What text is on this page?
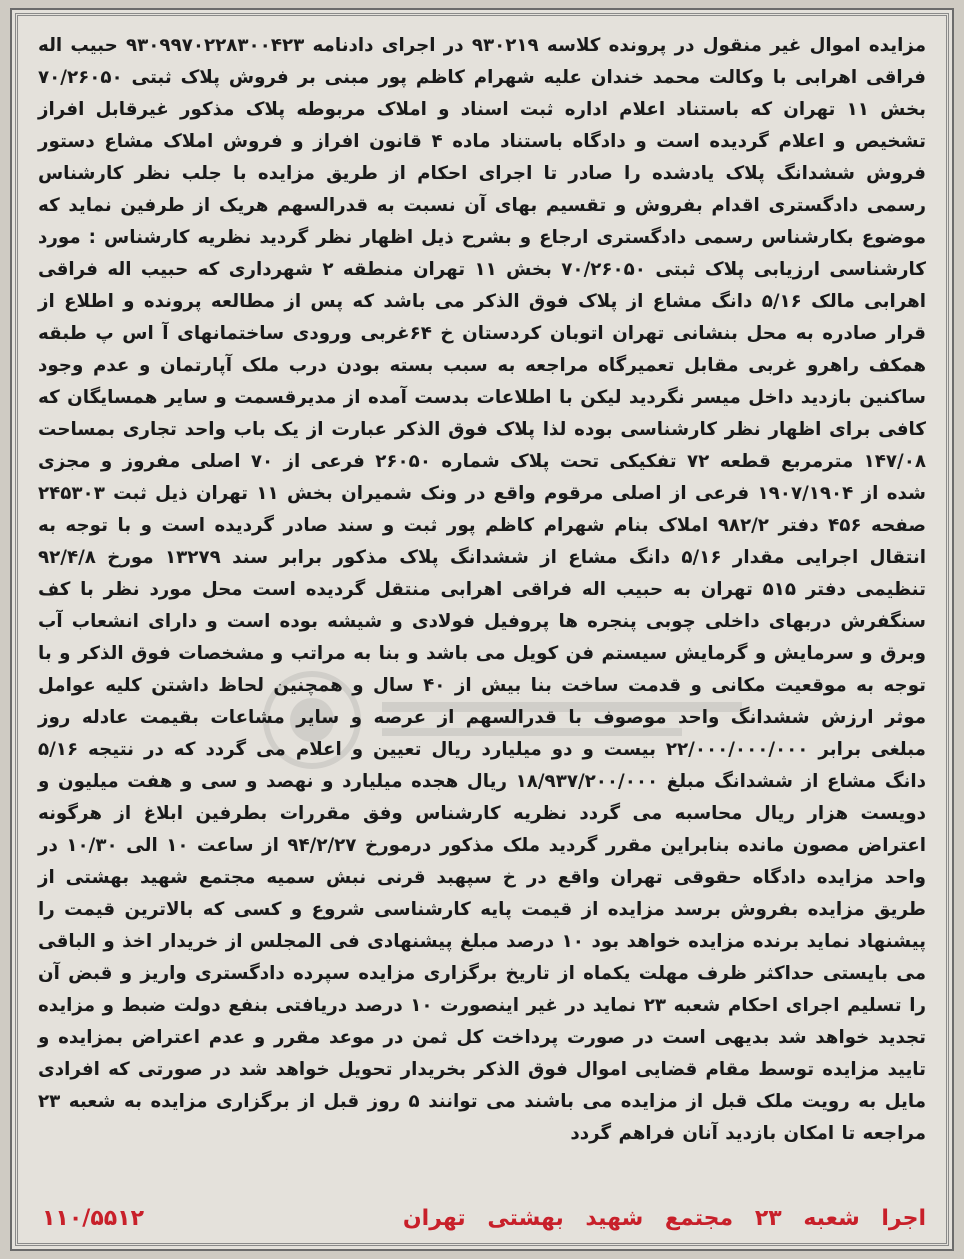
مزایده اموال غیر منقول در پرونده کلاسه ۹۳۰۲۱۹ در اجرای دادنامه ۹۳۰۹۹۷۰۲۲۸۳۰۰۴۲۳ حبیب اله فراقی اهرابی با وکالت محمد خندان علیه شهرام کاظم پور مبنی بر فروش پلاک ثبتی ۷۰/۲۶۰۵۰ بخش ۱۱ تهران که باستناد اعلام اداره ثبت اسناد و املاک مربوطه پلاک مذکور غیرقابل افراز تشخیص و اعلام گردیده است و دادگاه باستناد ماده ۴ قانون افراز و فروش املاک مشاع دستور فروش ششدانگ پلاک یادشده را صادر تا اجرای احکام از طریق مزایده با جلب نظر کارشناس رسمی دادگستری اقدام بفروش و تقسیم بهای آن نسبت به قدرالسهم هریک از طرفین نماید که موضوع بکارشناس رسمی دادگستری ارجاع و بشرح ذیل اظهار نظر گردید نظریه کارشناس : مورد کارشناسی ارزیابی پلاک ثبتی ۷۰/۲۶۰۵۰ بخش ۱۱ تهران منطقه ۲ شهرداری که حبیب اله فراقی اهرابی مالک ۵/۱۶ دانگ مشاع از پلاک فوق الذکر می باشد که پس از مطالعه پرونده و اطلاع از قرار صادره به محل بنشانی تهران اتوبان کردستان خ ۶۴غربی ورودی ساختمانهای آ اس پ طبقه همکف راهرو غربی مقابل تعمیرگاه مراجعه به سبب بسته بودن درب ملک آپارتمان و عدم وجود ساکنین بازدید داخل میسر نگردید لیکن با اطلاعات بدست آمده از مدیرقسمت و سایر همسایگان که کافی برای اظهار نظر کارشناسی بوده لذا پلاک فوق الذکر عبارت از یک باب واحد تجاری بمساحت ۱۴۷/۰۸ مترمربع قطعه ۷۲ تفکیکی تحت پلاک شماره ۲۶۰۵۰ فرعی از ۷۰ اصلی مفروز و مجزی شده از ۱۹۰۷/۱۹۰۴ فرعی از اصلی مرقوم واقع در ونک شمیران بخش ۱۱ تهران ذیل ثبت ۲۴۵۳۰۳ صفحه ۴۵۶ دفتر ۹۸۲/۲ املاک بنام شهرام کاظم پور ثبت و سند صادر گردیده است و با توجه به انتقال اجرایی مقدار ۵/۱۶ دانگ مشاع از ششدانگ پلاک مذکور برابر سند ۱۳۲۷۹ مورخ ۹۲/۴/۸ تنظیمی دفتر ۵۱۵ تهران به حبیب اله فراقی اهرابی منتقل گردیده است محل مورد نظر با کف سنگفرش دربهای داخلی چوبی پنجره ها پروفیل فولادی و شیشه بوده است و دارای انشعاب آب وبرق و سرمایش و گرمایش سیستم فن کویل می باشد و بنا به مراتب و مشخصات فوق الذکر و با توجه به موقعیت مکانی و قدمت ساخت بنا بیش از ۴۰ سال و همچنین لحاظ داشتن کلیه عوامل موثر ارزش ششدانگ واحد موصوف با قدرالسهم از عرصه و سایر مشاعات بقیمت عادله روز مبلغی برابر ۲۲/۰۰۰/۰۰۰/۰۰۰ بیست و دو میلیارد ریال تعیین و اعلام می گردد که در نتیجه ۵/۱۶ دانگ مشاع از ششدانگ مبلغ ۱۸/۹۳۷/۲۰۰/۰۰۰ ریال هجده میلیارد و نهصد و سی و هفت میلیون و دویست هزار ریال محاسبه می گردد نظریه کارشناس وفق مقررات بطرفین ابلاغ از هرگونه اعتراض مصون مانده بنابراین مقرر گردید ملک مذکور درمورخ ۹۴/۲/۲۷ از ساعت ۱۰ الی ۱۰/۳۰ در واحد مزایده دادگاه حقوقی تهران واقع در خ سپهبد قرنی نبش سمیه مجتمع شهید بهشتی از طریق مزایده بفروش برسد مزایده از قیمت پایه کارشناسی شروع و کسی که بالاترین قیمت را پیشنهاد نماید برنده مزایده خواهد بود ۱۰ درصد مبلغ پیشنهادی فی المجلس از خریدار اخذ و الباقی می بایستی حداکثر ظرف مهلت یکماه از تاریخ برگزاری مزایده سپرده دادگستری واریز و قبض آن را تسلیم اجرای احکام شعبه ۲۳ نماید در غیر اینصورت ۱۰ درصد دریافتی بنفع دولت ضبط و مزایده تجدید خواهد شد بدیهی است در صورت پرداخت کل ثمن در موعد مقرر و عدم اعتراض بمزایده و تایید مزایده توسط مقام قضایی اموال فوق الذکر بخریدار تحویل خواهد شد در صورتی که افرادی مایل به رویت ملک قبل از مزایده می باشند می توانند ۵ روز قبل از برگزاری مزایده به شعبه ۲۳ مراجعه تا امکان بازدید آنان فراهم گردد
اجرا شعبه ۲۳ مجتمع شهید بهشتی تهران
۱۱۰/۵۵۱۲
